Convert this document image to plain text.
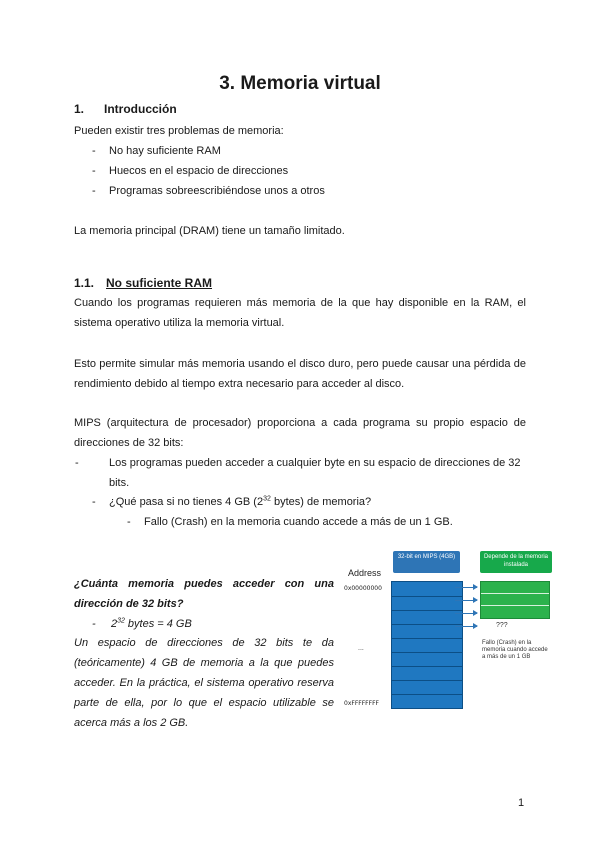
3. Memoria virtual
1. Introducción

Pueden existir tres problemas de memoria:

- No hay suficiente RAM
- Huecos en el espacio de direcciones
- Programas sobreescribiéndose unos a otros

La memoria principal (DRAM) tiene un tamaño limitado.

1.1. No suficiente RAM

Cuando los programas requieren más memoria de la que hay disponible en la RAM, el sistema operativo utiliza la memoria virtual.

Esto permite simular más memoria usando el disco duro, pero puede causar una pérdida de rendimiento debido al tiempo extra necesario para acceder al disco.

MIPS (arquitectura de procesador) proporciona a cada programa su propio espacio de direcciones de 32 bits:

-	Los programas pueden acceder a cualquier byte en su espacio de direcciones de 32 bits.
- ¿Qué pasa si no tienes 4 GB ($2^{32}$ bytes) de memoria?
- Fallo (Crash) en la memoria cuando accede a más de un 1 GB.
¿Cuánta memoria puedes acceder con una dirección de 32 bits?
-     $2^{32}$ bytes = 4 GB
Un espacio de direcciones de 32 bits te da (teóricamente) 4 GB de memoria a la que puedes acceder. En la práctica, el sistema operativo reserva parte de ella, por lo que el espacio utilizable se acerca más a los 2 GB.
32-bit en MIPS (4GB)	Depende de la memoria instalada
Address
0x00000000
...
0xFFFFFFFF
???
Fallo (Crash) en la memoria cuando accede a más de un 1 GB
1
